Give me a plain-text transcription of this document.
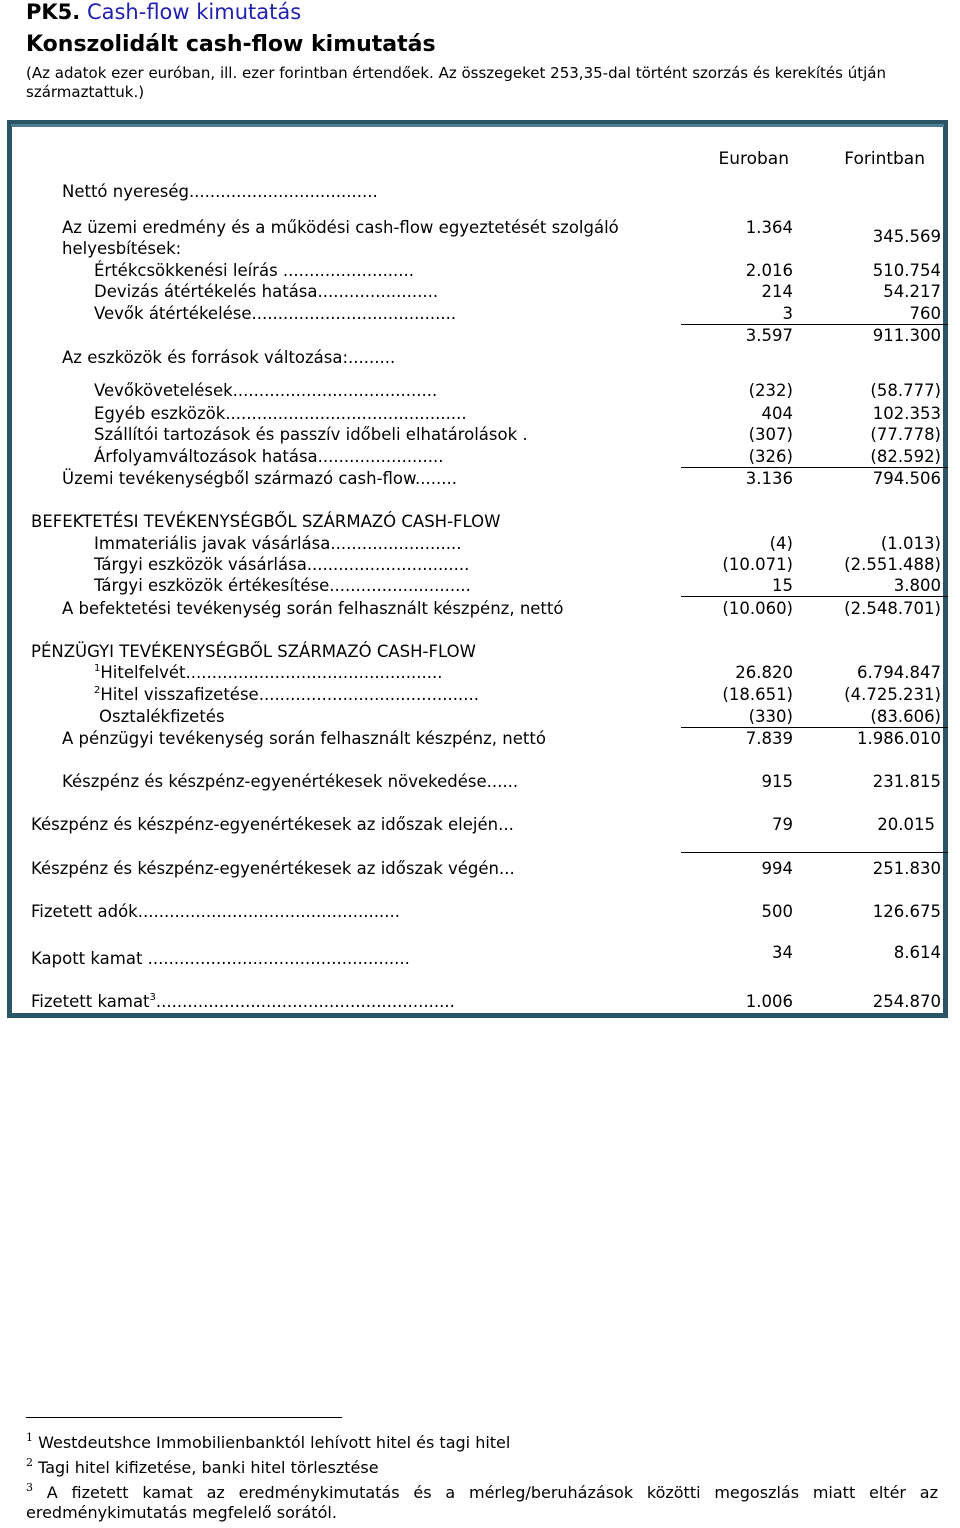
PK5. Cash-flow kimutatás
Konszolidált cash-flow kimutatás
(Az adatok ezer euróban, ill. ezer forintban értendőek. Az összegeket 253,35-dal történt szorzás és kerekítés útján származtattuk.)
Euroban	Forintban
Nettó nyereség....................................
Az üzemi eredmény és a működési cash-flow egyeztetését szolgáló	1.364	345.569
helyesbítések:
Értékcsökkenési leírás .........................	2.016	510.754
Devizás átértékelés hatása.......................	214	54.217
Vevők átértékelése.......................................	3	760
3.597	911.300
Az eszközök és források változása:.........
Vevőkövetelések.......................................	(232)	(58.777)
Egyéb eszközök..............................................	404	102.353
Szállítói tartozások és passzív időbeli elhatárolások .	(307)	(77.778)
Árfolyamváltozások hatása........................	(326)	(82.592)
Üzemi tevékenységből származó cash-flow........	3.136	794.506
BEFEKTETÉSI TEVÉKENYSÉGBŐL SZÁRMAZÓ CASH-FLOW
Immateriális javak vásárlása.........................	(4)	(1.013)
Tárgyi eszközök vásárlása...............................	(10.071)	(2.551.488)
Tárgyi eszközök értékesítése...........................	15	3.800
A befektetési tevékenység során felhasznált készpénz, nettó	(10.060)	(2.548.701)
PÉNZÜGYI TEVÉKENYSÉGBŐL SZÁRMAZÓ CASH-FLOW
$^1$Hitelfelvét.................................................	26.820	6.794.847
$^2$Hitel visszafizetése..........................................	(18.651)	(4.725.231)
Osztalékfizetés	(330)	(83.606)
A pénzügyi tevékenység során felhasznált készpénz, nettó	7.839	1.986.010
Készpénz és készpénz-egyenértékesek növekedése......	915	231.815
Készpénz és készpénz-egyenértékesek az időszak elején...	79	20.015
Készpénz és készpénz-egyenértékesek az időszak végén...	994	251.830
Fizetett adók..................................................	500	126.675
Kapott kamat ..................................................	34	8.614
Fizetett kamat$^3$.........................................................	1.006	254.870
$^1$ Westdeutshce Immobilienbanktól lehívott hitel és tagi hitel
$^2$ Tagi hitel kifizetése, banki hitel törlesztése
$^3$ A fizetett kamat az eredménykimutatás és a mérleg/beruházások közötti megoszlás miatt eltér az eredménykimutatás megfelelő sorától.
